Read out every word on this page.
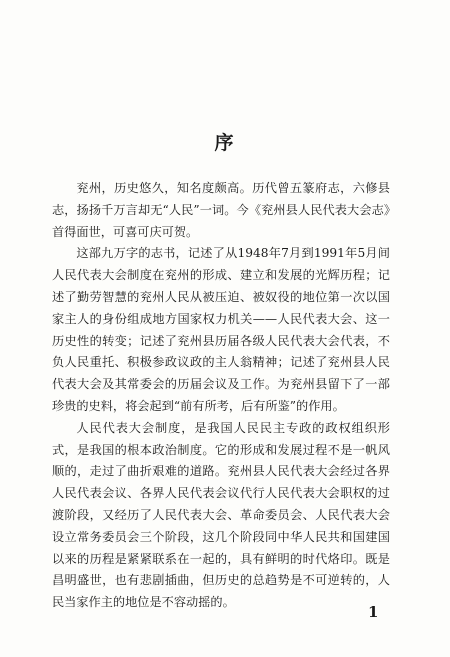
序

兖州，历史悠久，知名度颇高。历代曾五篆府志，六修县志，扬扬千万言却无“人民”一词。今《兖州县人民代表大会志》首得面世，可喜可庆可贺。

这部九万字的志书，记述了从1948年7月到1991年5月间人民代表大会制度在兖州的形成、建立和发展的光辉历程；记述了勤劳智慧的兖州人民从被压迫、被奴役的地位第一次以国家主人的身份组成地方国家权力机关——人民代表大会、这一历史性的转变；记述了兖州县历届各级人民代表大会代表，不负人民重托、积极参政议政的主人翁精神；记述了兖州县人民代表大会及其常委会的历届会议及工作。为兖州县留下了一部珍贵的史料，将会起到“前有所考，后有所鉴”的作用。

人民代表大会制度，是我国人民民主专政的政权组织形式，是我国的根本政治制度。它的形成和发展过程不是一帆风顺的，走过了曲折艰难的道路。兖州县人民代表大会经过各界人民代表会议、各界人民代表会议代行人民代表大会职权的过渡阶段，又经历了人民代表大会、革命委员会、人民代表大会设立常务委员会三个阶段，这几个阶段同中华人民共和国建国以来的历程是紧紧联系在一起的，具有鲜明的时代烙印。既是昌明盛世，也有悲剧插曲，但历史的总趋势是不可逆转的，人民当家作主的地位是不容动摇的。

1
